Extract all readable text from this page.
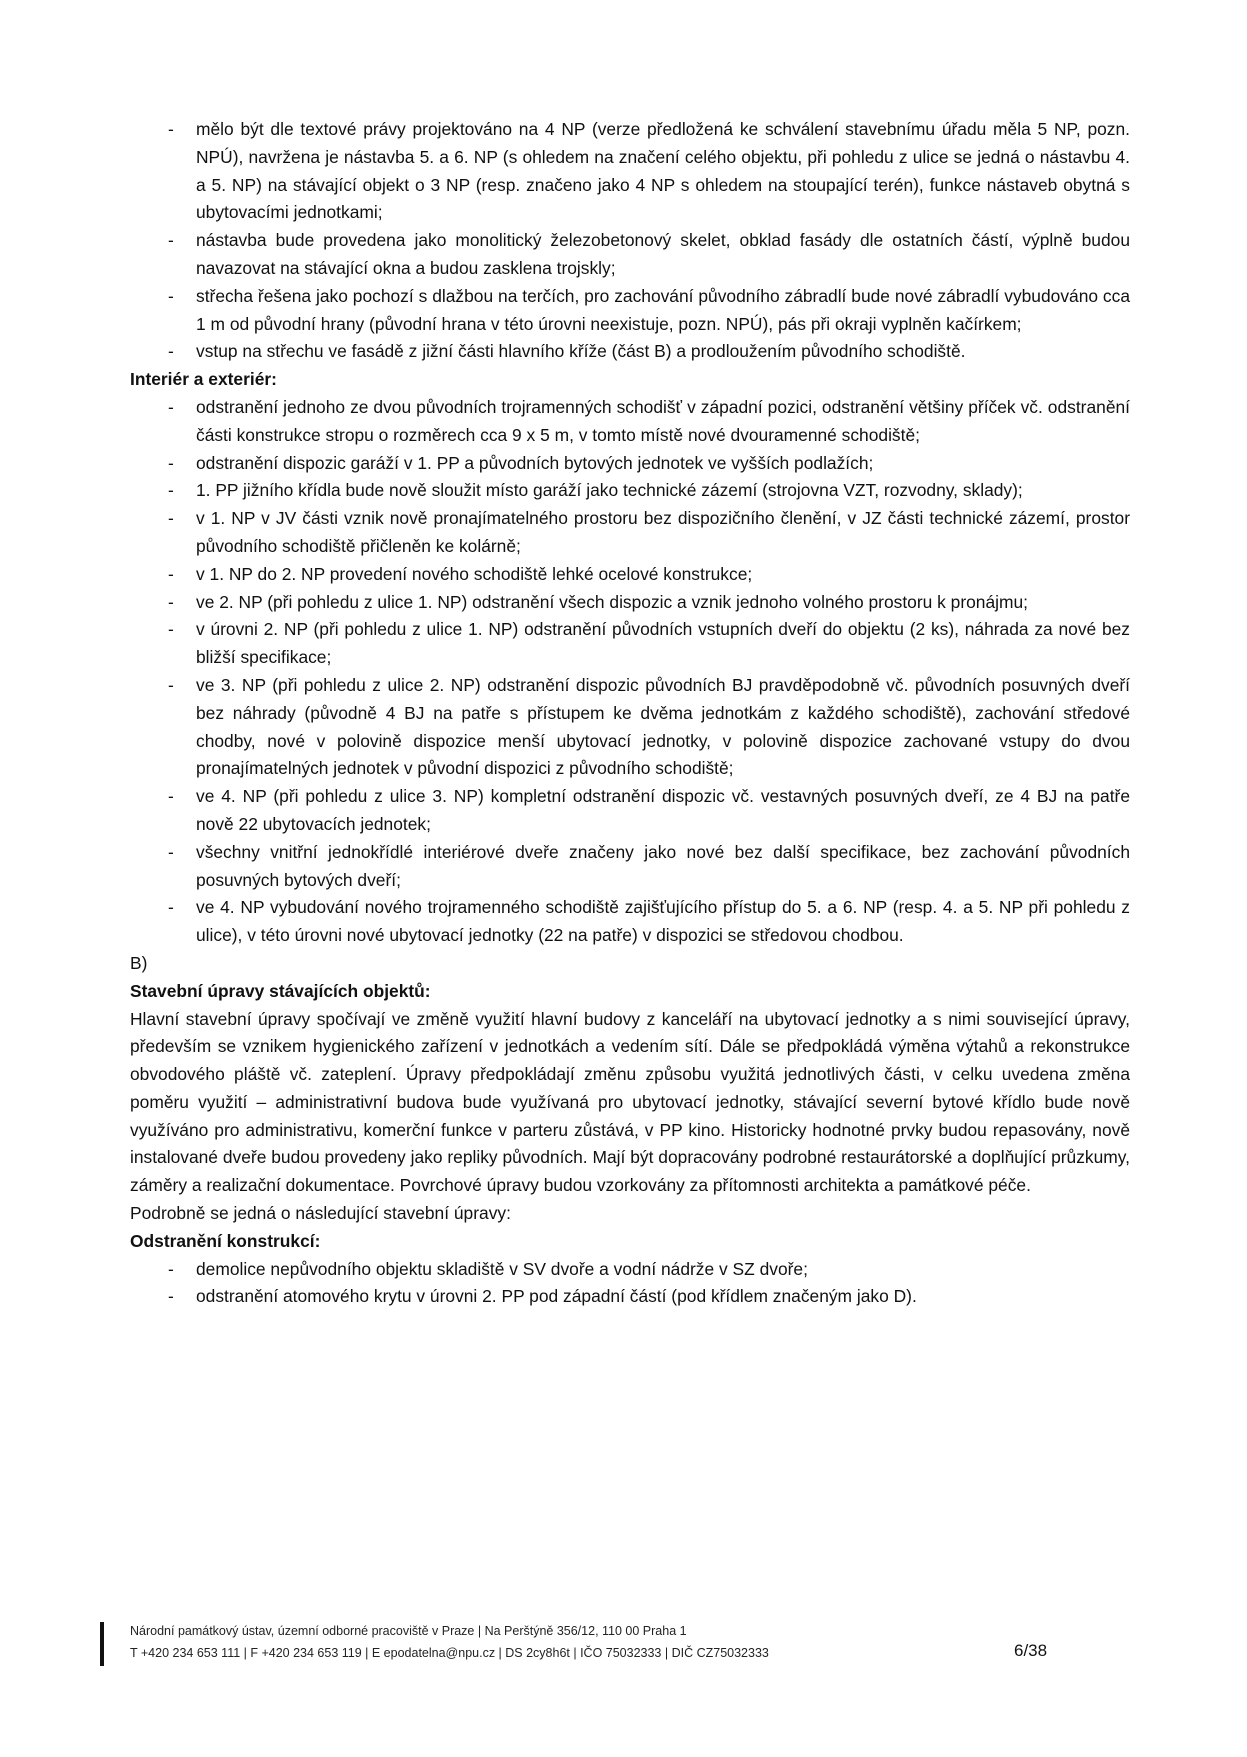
- mělo být dle textové právy projektováno na 4 NP (verze předložená ke schválení stavebnímu úřadu měla 5 NP, pozn. NPÚ), navržena je nástavba 5. a 6. NP (s ohledem na značení celého objektu, při pohledu z ulice se jedná o nástavbu 4. a 5. NP) na stávající objekt o 3 NP (resp. značeno jako 4 NP s ohledem na stoupající terén), funkce nástaveb obytná s ubytovacími jednotkami;
- nástavba bude provedena jako monolitický železobetonový skelet, obklad fasády dle ostatních částí, výplně budou navazovat na stávající okna a budou zasklena trojskly;
- střecha řešena jako pochozí s dlažbou na terčích, pro zachování původního zábradlí bude nové zábradlí vybudováno cca 1 m od původní hrany (původní hrana v této úrovni neexistuje, pozn. NPÚ), pás při okraji vyplněn kačírkem;
- vstup na střechu ve fasádě z jižní části hlavního kříže (část B) a prodloužením původního schodiště.
Interiér a exteriér:
- odstranění jednoho ze dvou původních trojramenných schodišť v západní pozici, odstranění většiny příček vč. odstranění části konstrukce stropu o rozměrech cca 9 x 5 m, v tomto místě nové dvouramenné schodiště;
- odstranění dispozic garáží v 1. PP a původních bytových jednotek ve vyšších podlažích;
- 1. PP jižního křídla bude nově sloužit místo garáží jako technické zázemí (strojovna VZT, rozvodny, sklady);
- v 1. NP v JV části vznik nově pronajímatelného prostoru bez dispozičního členění, v JZ části technické zázemí, prostor původního schodiště přičleněn ke kolárně;
- v 1. NP do 2. NP provedení nového schodiště lehké ocelové konstrukce;
- ve 2. NP (při pohledu z ulice 1. NP) odstranění všech dispozic a vznik jednoho volného prostoru k pronájmu;
- v úrovni 2. NP (při pohledu z ulice 1. NP) odstranění původních vstupních dveří do objektu (2 ks), náhrada za nové bez bližší specifikace;
- ve 3. NP (při pohledu z ulice 2. NP) odstranění dispozic původních BJ pravděpodobně vč. původních posuvných dveří bez náhrady (původně 4 BJ na patře s přístupem ke dvěma jednotkám z každého schodiště), zachování středové chodby, nové v polovině dispozice menší ubytovací jednotky, v polovině dispozice zachované vstupy do dvou pronajímatelných jednotek v původní dispozici z původního schodiště;
- ve 4. NP (při pohledu z ulice 3. NP) kompletní odstranění dispozic vč. vestavných posuvných dveří, ze 4 BJ na patře nově 22 ubytovacích jednotek;
- všechny vnitřní jednokřídlé interiérové dveře značeny jako nové bez další specifikace, bez zachování původních posuvných bytových dveří;
- ve 4. NP vybudování nového trojramenného schodiště zajišťujícího přístup do 5. a 6. NP (resp. 4. a 5. NP při pohledu z ulice), v této úrovni nové ubytovací jednotky (22 na patře) v dispozici se středovou chodbou.
B)
Stavební úpravy stávajících objektů:
Hlavní stavební úpravy spočívají ve změně využití hlavní budovy z kanceláří na ubytovací jednotky a s nimi související úpravy, především se vznikem hygienického zařízení v jednotkách a vedením sítí. Dále se předpokládá výměna výtahů a rekonstrukce obvodového pláště vč. zateplení. Úpravy předpokládají změnu způsobu využitá jednotlivých části, v celku uvedena změna poměru využití – administrativní budova bude využívaná pro ubytovací jednotky, stávající severní bytové křídlo bude nově využíváno pro administrativu, komerční funkce v parteru zůstává, v PP kino. Historicky hodnotné prvky budou repasovány, nově instalované dveře budou provedeny jako repliky původních. Mají být dopracovány podrobné restaurátorské a doplňující průzkumy, záměry a realizační dokumentace. Povrchové úpravy budou vzorkovány za přítomnosti architekta a památkové péče.
Podrobně se jedná o následující stavební úpravy:
Odstranění konstrukcí:
- demolice nepůvodního objektu skladiště v SV dvoře a vodní nádrže v SZ dvoře;
- odstranění atomového krytu v úrovni 2. PP pod západní částí (pod křídlem značeným jako D).
Národní památkový ústav, územní odborné pracoviště v Praze | Na Perštýně 356/12, 110 00 Praha 1
T +420 234 653 111 | F +420 234 653 119 | E epodatelna@npu.cz | DS 2cy8h6t | IČO 75032333 | DIČ CZ75032333	6/38
